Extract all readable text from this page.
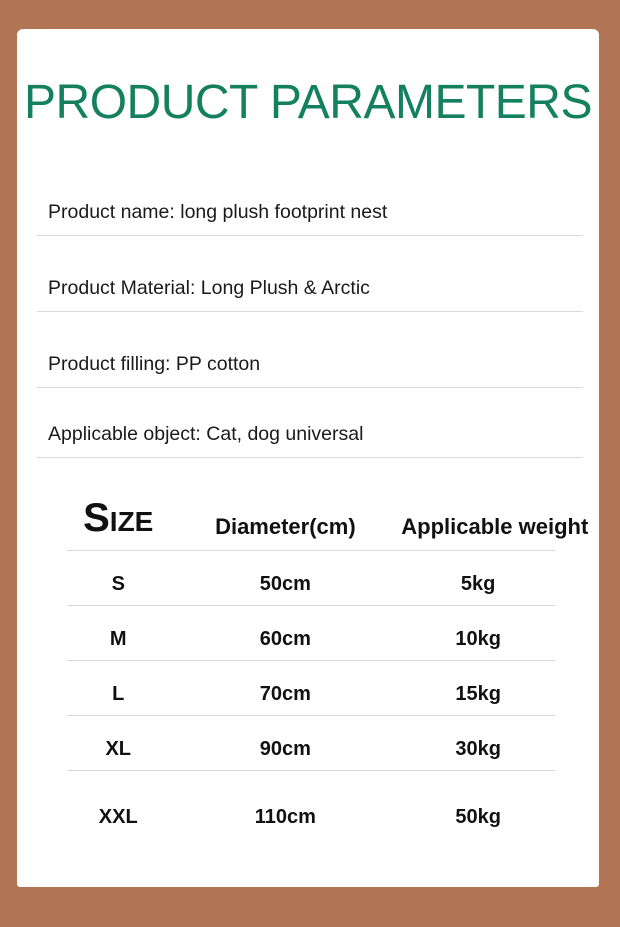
PRODUCT PARAMETERS
Product name: long plush footprint nest
Product Material: Long Plush & Arctic
Product filling: PP cotton
Applicable object: Cat, dog universal
Size	Diameter(cm)	Applicable weight
S	50cm	5kg
M	60cm	10kg
L	70cm	15kg
XL	90cm	30kg
XXL	110cm	50kg
